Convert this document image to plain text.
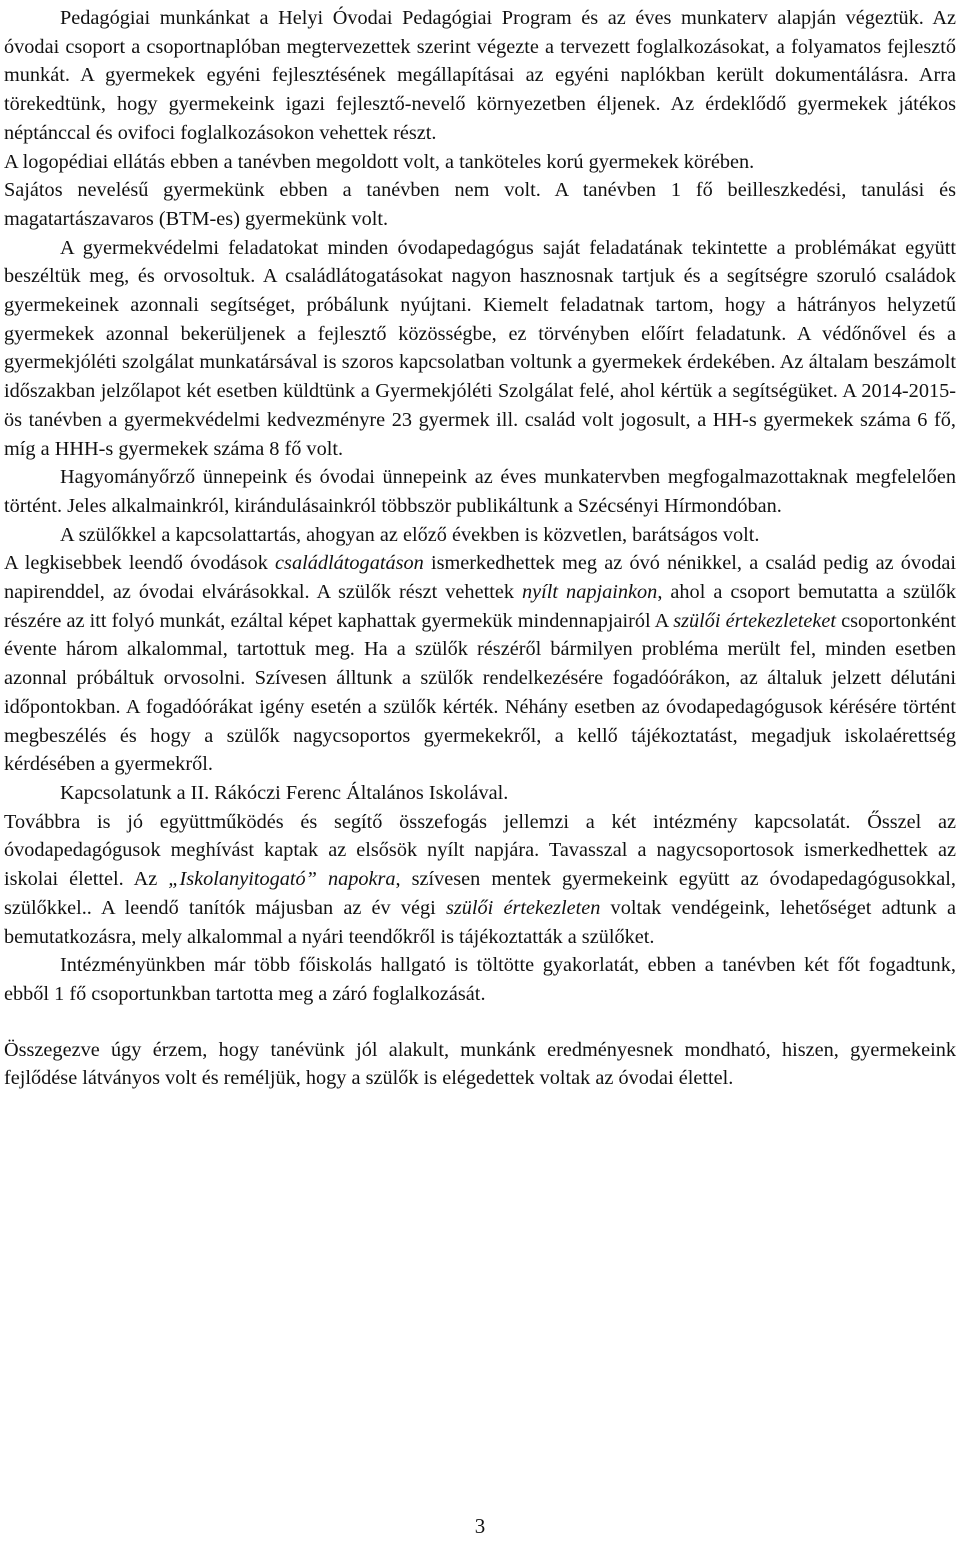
Pedagógiai munkánkat a Helyi Óvodai Pedagógiai Program és az éves munkaterv alapján végeztük. Az óvodai csoport a csoportnaplóban megtervezettek szerint végezte a tervezett foglalkozásokat, a folyamatos fejlesztő munkát. A gyermekek egyéni fejlesztésének megállapításai az egyéni naplókban került dokumentálásra. Arra törekedtünk, hogy gyermekeink igazi fejlesztő-nevelő környezetben éljenek. Az érdeklődő gyermekek játékos néptánccal és ovifoci foglalkozásokon vehettek részt.

A logopédiai ellátás ebben a tanévben megoldott volt, a tanköteles korú gyermekek körében.

Sajátos nevelésű gyermekünk ebben a tanévben nem volt. A tanévben 1 fő beilleszkedési, tanulási és magatartászavaros (BTM-es) gyermekünk volt.

A gyermekvédelmi feladatokat minden óvodapedagógus saját feladatának tekintette a problémákat együtt beszéltük meg, és orvosoltuk. A családlátogatásokat nagyon hasznosnak tartjuk és a segítségre szoruló családok gyermekeinek azonnali segítséget, próbálunk nyújtani. Kiemelt feladatnak tartom, hogy a hátrányos helyzetű gyermekek azonnal bekerüljenek a fejlesztő közösségbe, ez törvényben előírt feladatunk. A védőnővel és a gyermekjóléti szolgálat munkatársával is szoros kapcsolatban voltunk a gyermekek érdekében. Az általam beszámolt időszakban jelzőlapot két esetben küldtünk a Gyermekjóléti Szolgálat felé, ahol kértük a segítségüket. A 2014-2015-ös tanévben a gyermekvédelmi kedvezményre 23 gyermek ill. család volt jogosult, a HH-s gyermekek száma 6 fő, míg a HHH-s gyermekek száma 8 fő volt.

Hagyományőrző ünnepeink és óvodai ünnepeink az éves munkatervben megfogalmazottaknak megfelelően történt. Jeles alkalmainkról, kirándulásainkról többször publikáltunk a Szécsényi Hírmondóban.

A szülőkkel a kapcsolattartás, ahogyan az előző években is közvetlen, barátságos volt.

A legkisebbek leendő óvodások családlátogatáson ismerkedhettek meg az óvó nénikkel, a család pedig az óvodai napirenddel, az óvodai elvárásokkal. A szülők részt vehettek nyílt napjainkon, ahol a csoport bemutatta a szülők részére az itt folyó munkát, ezáltal képet kaphattak gyermekük mindennapjairól A szülői értekezleteket csoportonként évente három alkalommal, tartottuk meg. Ha a szülők részéről bármilyen probléma merült fel, minden esetben azonnal próbáltuk orvosolni. Szívesen álltunk a szülők rendelkezésére fogadóórákon, az általuk jelzett délutáni időpontokban. A fogadóórákat igény esetén a szülők kérték. Néhány esetben az óvodapedagógusok kérésére történt megbeszélés és hogy a szülők nagycsoportos gyermekekről, a kellő tájékoztatást, megadjuk iskolaérettség kérdésében a gyermekről.

Kapcsolatunk a II. Rákóczi Ferenc Általános Iskolával.

Továbbra is jó együttműködés és segítő összefogás jellemzi a két intézmény kapcsolatát. Ősszel az óvodapedagógusok meghívást kaptak az elsősök nyílt napjára. Tavasszal a nagycsoportosok ismerkedhettek az iskolai élettel. Az „Iskolanyitogató” napokra, szívesen mentek gyermekeink együtt az óvodapedagógusokkal, szülőkkel.. A leendő tanítók májusban az év végi szülői értekezleten voltak vendégeink, lehetőséget adtunk a bemutatkozásra, mely alkalommal a nyári teendőkről is tájékoztatták a szülőket.

Intézményünkben már több főiskolás hallgató is töltötte gyakorlatát, ebben a tanévben két főt fogadtunk, ebből 1 fő csoportunkban tartotta meg a záró foglalkozását.

Összegezve úgy érzem, hogy tanévünk jól alakult, munkánk eredményesnek mondható, hiszen, gyermekeink fejlődése látványos volt és reméljük, hogy a szülők is elégedettek voltak az óvodai élettel.

3
